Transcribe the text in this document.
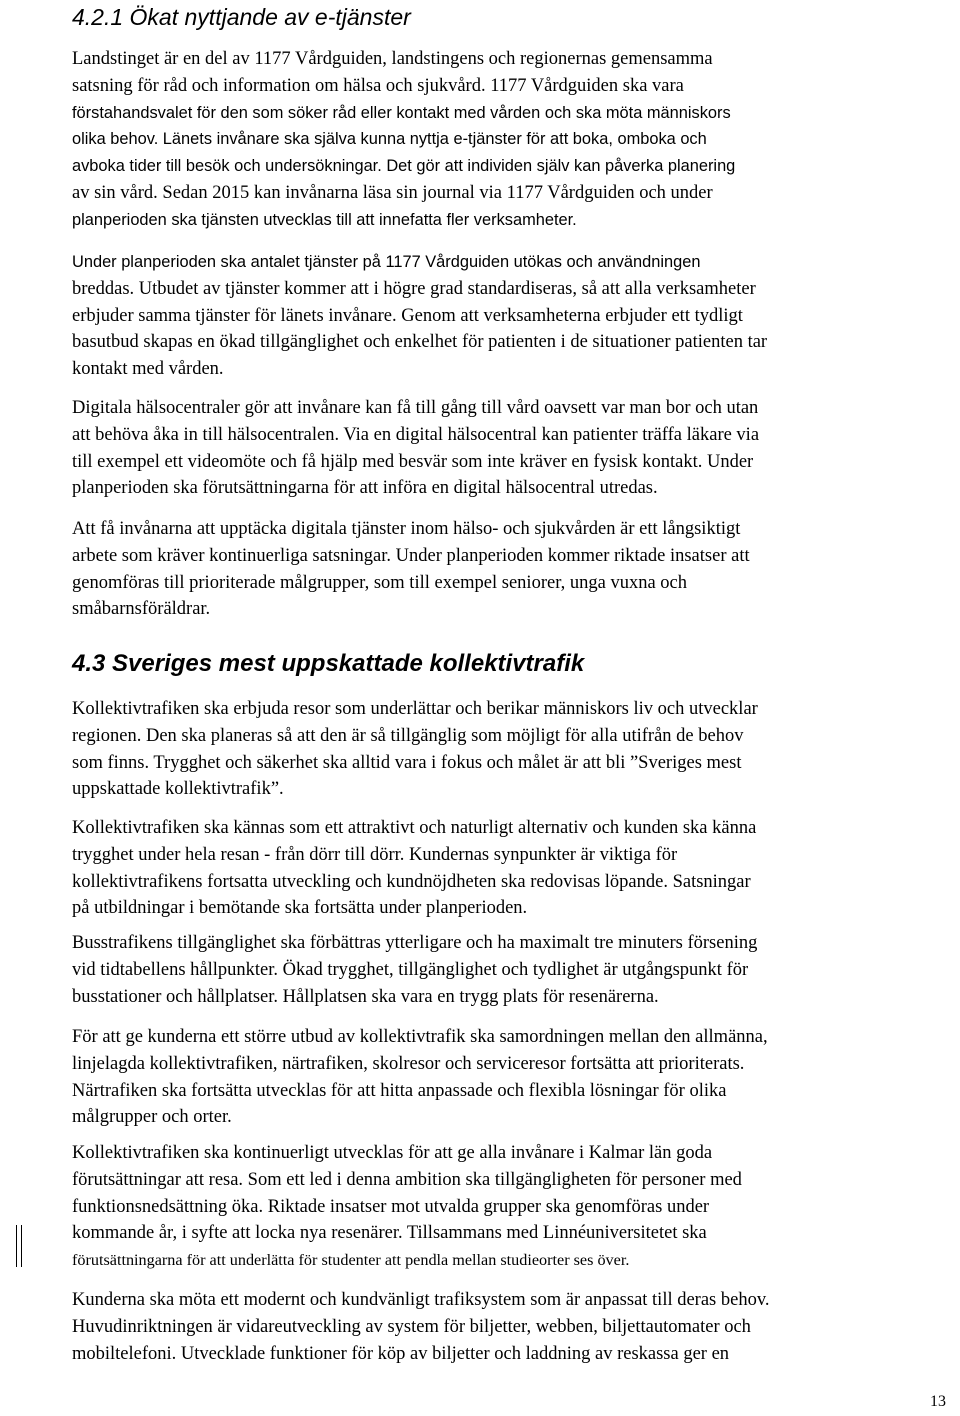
4.2.1 Ökat nyttjande av e-tjänster

Landstinget är en del av 1177 Vårdguiden, landstingens och regionernas gemensamma
satsning för råd och information om hälsa och sjukvård. 1177 Vårdguiden ska vara
förstahandsvalet för den som söker råd eller kontakt med vården och ska möta människors
olika behov. Länets invånare ska själva kunna nyttja e-tjänster för att boka, omboka och
avboka tider till besök och undersökningar. Det gör att individen själv kan påverka planering
av sin vård. Sedan 2015 kan invånarna läsa sin journal via 1177 Vårdguiden och under
planperioden ska tjänsten utvecklas till att innefatta fler verksamheter.

Under planperioden ska antalet tjänster på 1177 Vårdguiden utökas och användningen
breddas. Utbudet av tjänster kommer att i högre grad standardiseras, så att alla verksamheter
erbjuder samma tjänster för länets invånare. Genom att verksamheterna erbjuder ett tydligt
basutbud skapas en ökad tillgänglighet och enkelhet för patienten i de situationer patienten tar
kontakt med vården.

Digitala hälsocentraler gör att invånare kan få till gång till vård oavsett var man bor och utan
att behöva åka in till hälsocentralen. Via en digital hälsocentral kan patienter träffa läkare via
till exempel ett videomöte och få hjälp med besvär som inte kräver en fysisk kontakt. Under
planperioden ska förutsättningarna för att införa en digital hälsocentral utredas.

Att få invånarna att upptäcka digitala tjänster inom hälso- och sjukvården är ett långsiktigt
arbete som kräver kontinuerliga satsningar. Under planperioden kommer riktade insatser att
genomföras till prioriterade målgrupper, som till exempel seniorer, unga vuxna och
småbarnsföräldrar.

4.3 Sveriges mest uppskattade kollektivtrafik

Kollektivtrafiken ska erbjuda resor som underlättar och berikar människors liv och utvecklar
regionen. Den ska planeras så att den är så tillgänglig som möjligt för alla utifrån de behov
som finns. Trygghet och säkerhet ska alltid vara i fokus och målet är att bli ”Sveriges mest
uppskattade kollektivtrafik”.

Kollektivtrafiken ska kännas som ett attraktivt och naturligt alternativ och kunden ska känna
trygghet under hela resan - från dörr till dörr. Kundernas synpunkter är viktiga för
kollektivtrafikens fortsatta utveckling och kundnöjdheten ska redovisas löpande. Satsningar
på utbildningar i bemötande ska fortsätta under planperioden.

Busstrafikens tillgänglighet ska förbättras ytterligare och ha maximalt tre minuters försening
vid tidtabellens hållpunkter. Ökad trygghet, tillgänglighet och tydlighet är utgångspunkt för
busstationer och hållplatser. Hållplatsen ska vara en trygg plats för resenärerna.

För att ge kunderna ett större utbud av kollektivtrafik ska samordningen mellan den allmänna,
linjelagda kollektivtrafiken, närtrafiken, skolresor och serviceresor fortsätta att prioriterats.
Närtrafiken ska fortsätta utvecklas för att hitta anpassade och flexibla lösningar för olika
målgrupper och orter.

Kollektivtrafiken ska kontinuerligt utvecklas för att ge alla invånare i Kalmar län goda
förutsättningar att resa. Som ett led i denna ambition ska tillgängligheten för personer med
funktionsnedsättning öka. Riktade insatser mot utvalda grupper ska genomföras under
kommande år, i syfte att locka nya resenärer. Tillsammans med Linnéuniversitetet ska
förutsättningarna för att underlätta för studenter att pendla mellan studieorter ses över.

Kunderna ska möta ett modernt och kundvänligt trafiksystem som är anpassat till deras behov.
Huvudinriktningen är vidareutveckling av system för biljetter, webben, biljettautomater och
mobiltelefoni. Utvecklade funktioner för köp av biljetter och laddning av reskassa ger en

13
